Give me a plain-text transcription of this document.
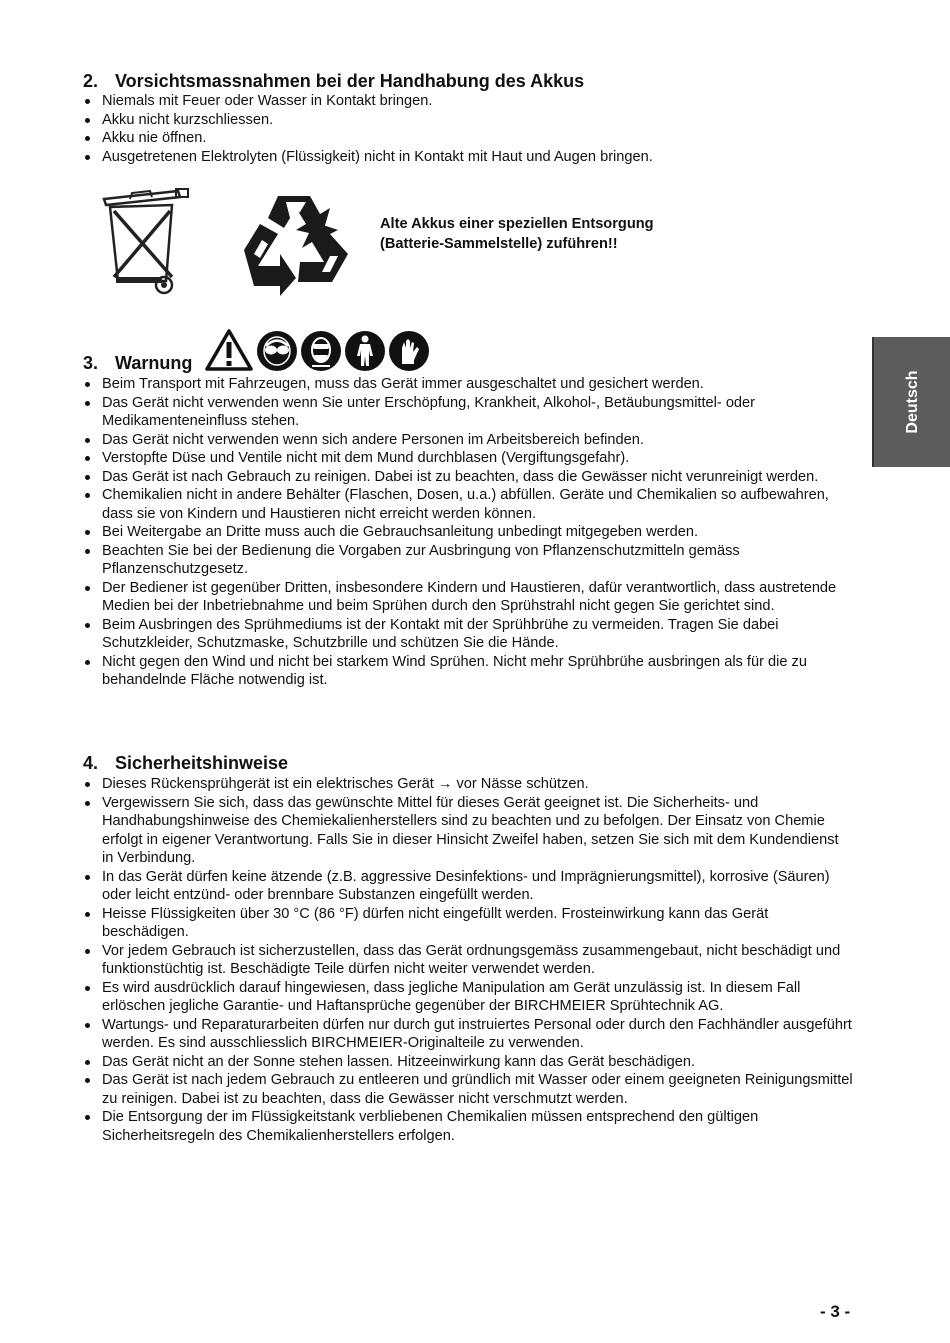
2. Vorsichtsmassnahmen bei der Handhabung des Akkus
Niemals mit Feuer oder Wasser in Kontakt bringen.
Akku nicht kurzschliessen.
Akku nie öffnen.
Ausgetretenen Elektrolyten (Flüssigkeit) nicht in Kontakt mit Haut und Augen bringen.
Alte Akkus einer speziellen Entsorgung
(Batterie-Sammelstelle) zuführen!!
3. Warnung
Beim Transport mit Fahrzeugen, muss das Gerät immer ausgeschaltet und gesichert werden.
Das Gerät nicht verwenden wenn Sie unter Erschöpfung, Krankheit, Alkohol-, Betäubungsmittel- oder Medikamenteneinfluss stehen.
Das Gerät nicht verwenden wenn sich andere Personen im Arbeitsbereich befinden.
Verstopfte Düse und Ventile nicht mit dem Mund durchblasen (Vergiftungsgefahr).
Das Gerät ist nach Gebrauch zu reinigen. Dabei ist zu beachten, dass die Gewässer nicht verunreinigt werden.
Chemikalien nicht in andere Behälter (Flaschen, Dosen, u.a.) abfüllen. Geräte und Chemikalien so aufbewahren, dass sie von Kindern und Haustieren nicht erreicht werden können.
Bei Weitergabe an Dritte muss auch die Gebrauchsanleitung unbedingt mitgegeben werden.
Beachten Sie bei der Bedienung die Vorgaben zur Ausbringung von Pflanzenschutzmitteln gemäss Pflanzenschutzgesetz.
Der Bediener ist gegenüber Dritten, insbesondere Kindern und Haustieren, dafür verantwortlich, dass austretende Medien bei der Inbetriebnahme und beim Sprühen durch den Sprühstrahl nicht gegen Sie gerichtet sind.
Beim Ausbringen des Sprühmediums ist der Kontakt mit der Sprühbrühe zu vermeiden. Tragen Sie dabei Schutzkleider, Schutzmaske, Schutzbrille und schützen Sie die Hände.
Nicht gegen den Wind und nicht bei starkem Wind Sprühen. Nicht mehr Sprühbrühe ausbringen als für die zu behandelnde Fläche notwendig ist.
4. Sicherheitshinweise
Dieses Rückensprühgerät ist ein elektrisches Gerät → vor Nässe schützen.
Vergewissern Sie sich, dass das gewünschte Mittel für dieses Gerät geeignet ist. Die Sicherheits- und Handhabungshinweise des Chemiekalienherstellers sind zu beachten und zu befolgen. Der Einsatz von Chemie erfolgt in eigener Verantwortung. Falls Sie in dieser Hinsicht Zweifel haben, setzen Sie sich mit dem Kundendienst in Verbindung.
In das Gerät dürfen keine ätzende (z.B. aggressive Desinfektions- und Imprägnierungsmittel), korrosive (Säuren) oder leicht entzünd- oder brennbare Substanzen eingefüllt werden.
Heisse Flüssigkeiten über 30 °C (86 °F) dürfen nicht eingefüllt werden. Frosteinwirkung kann das Gerät beschädigen.
Vor jedem Gebrauch ist sicherzustellen, dass das Gerät ordnungsgemäss zusammengebaut, nicht beschädigt und funktionstüchtig ist. Beschädigte Teile dürfen nicht weiter verwendet werden.
Es wird ausdrücklich darauf hingewiesen, dass jegliche Manipulation am Gerät unzulässig ist. In diesem Fall erlöschen jegliche Garantie- und Haftansprüche gegenüber der BIRCHMEIER Sprühtechnik AG.
Wartungs- und Reparaturarbeiten dürfen nur durch gut instruiertes Personal oder durch den Fachhändler ausgeführt werden. Es sind ausschliesslich BIRCHMEIER-Originalteile zu verwenden.
Das Gerät nicht an der Sonne stehen lassen. Hitzeeinwirkung kann das Gerät beschädigen.
Das Gerät ist nach jedem Gebrauch zu entleeren und gründlich mit Wasser oder einem geeigneten Reinigungsmittel zu reinigen. Dabei ist zu beachten, dass die Gewässer nicht verschmutzt werden.
Die Entsorgung der im Flüssigkeitstank verbliebenen Chemikalien müssen entsprechend den gültigen Sicherheitsregeln des Chemikalienherstellers erfolgen.
Deutsch
- 3 -
